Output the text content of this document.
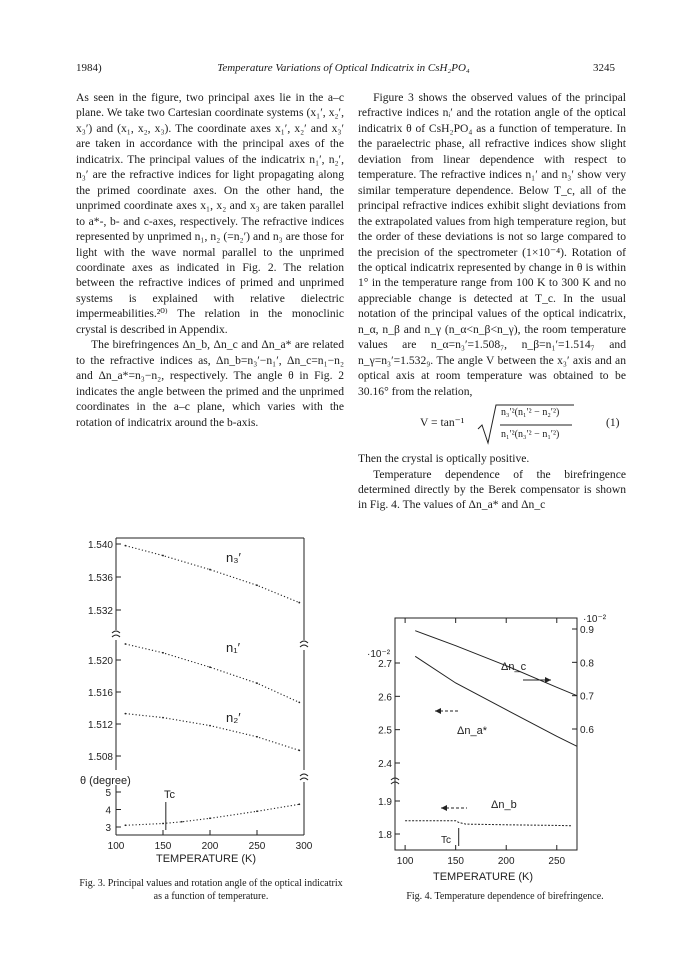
1984)	Temperature Variations of Optical Indicatrix in CsH₂PO₄	3245

As seen in the figure, two principal axes lie in the a–c plane. We take two Cartesian coordinate systems (x₁′, x₂′, x₃′) and (x₁, x₂, x₃). The coordinate axes x₁′, x₂′ and x₃′ are taken in accordance with the principal axes of the indicatrix. The principal values of the indicatrix n₁′, n₂′, n₃′ are the refractive indices for light propagating along the primed coordinate axes. On the other hand, the unprimed coordinate axes x₁, x₂ and x₃ are taken parallel to a*-, b- and c-axes, respectively. The refractive indices represented by unprimed n₁, n₂ (=n₂′) and n₃ are those for light with the wave normal parallel to the unprimed coordinate axes as indicated in Fig. 2. The relation between the refractive indices of primed and unprimed systems is explained with relative dielectric impermeabilities.²⁰⁾ The relation in the monoclinic crystal is described in Appendix.

The birefringences Δn_b, Δn_c and Δn_a* are related to the refractive indices as, Δn_b=n₃′−n₁′, Δn_c=n₁−n₂ and Δn_a*=n₃−n₂, respectively. The angle θ in Fig. 2 indicates the angle between the primed and the unprimed coordinates in the a–c plane, which varies with the rotation of indicatrix around the b-axis.

Figure 3 shows the observed values of the principal refractive indices nᵢ′ and the rotation angle of the optical indicatrix θ of CsH₂PO₄ as a function of temperature. In the paraelectric phase, all refractive indices show slight deviation from linear dependence with respect to temperature. The refractive indices n₁′ and n₃′ show very similar temperature dependence. Below T_c, all of the principal refractive indices exhibit slight deviations from the extrapolated values from high temperature region, but the order of these deviations is not so large compared to the precision of the spectrometer (1×10⁻⁴). Rotation of the optical indicatrix represented by change in θ is within 1° in the temperature range from 100 K to 300 K and no appreciable change is detected at T_c. In the usual notation of the principal values of the optical indicatrix, n_α, n_β and n_γ (n_α<n_β<n_γ), the room temperature values are n_α=n₃′=1.508₇, n_β=n₁′=1.514₇ and n_γ=n₃′=1.532₉. The angle V between the x₃′ axis and an optical axis at room temperature was obtained to be 30.16° from the relation,

V = tan⁻¹
n₃′²(n₁′² − n₂′²)
n₁′²(n₃′² − n₁′²)
(1)

Then the crystal is optically positive.

Temperature dependence of the birefringence determined directly by the Berek compensator is shown in Fig. 4. The values of Δn_a* and Δn_c

1.540
1.536
1.532
1.520
1.516
1.512
1.508
5
4
3
100	150	200	250	300
n₃′
n₁′
n₂′
TEMPERATURE (K)
θ (degree)
Tc
Fig. 3. Principal values and rotation angle of the optical indicatrix as a function of temperature.
2.7
2.6
2.5
2.4
1.9
1.8
0.9
0.8
0.7
0.6
100	150	200	250
Δn_c
Δn_a*
Δn_b
TEMPERATURE (K)
·10⁻²
·10⁻²
Tc
Fig. 4. Temperature dependence of birefringence.
